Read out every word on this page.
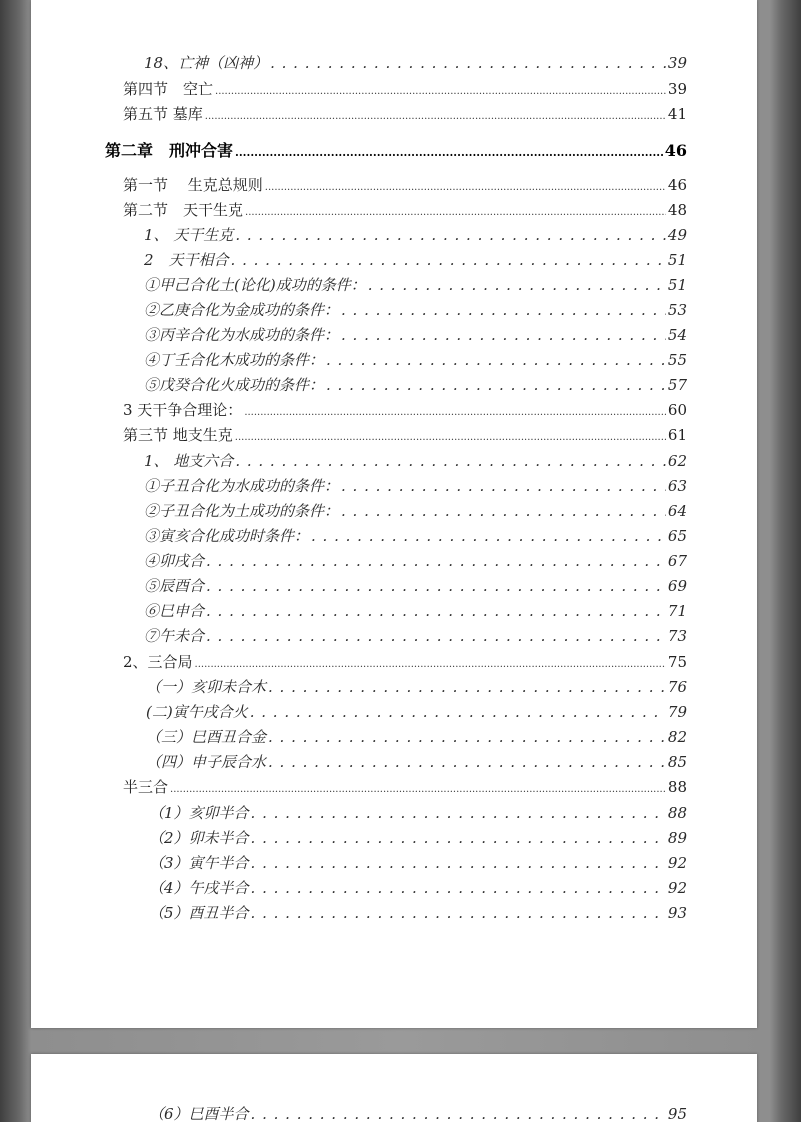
18、亡神（凶神） . . .	39
第四节　空亡 .....	39
第五节 墓库 .....	41
第二章　刑冲合害 .....	46
第一节　 生克总规则 .....	46
第二节　天干生克 .....	48
1、 天干生克 . . .	49
2　天干相合 . . .	51
①甲己合化土(论化)成功的条件： . . .	51
②乙庚合化为金成功的条件： . . .	53
③丙辛合化为水成功的条件： . . .	54
④丁壬合化木成功的条件： . . .	55
⑤戊癸合化火成功的条件： . . .	57
3 天干争合理论： .....	60
第三节 地支生克 .....	61
1、 地支六合 . . .	62
①子丑合化为水成功的条件： . . .	63
②子丑合化为土成功的条件： . . .	64
③寅亥合化成功时条件： . . .	65
④卯戌合 . . .	67
⑤辰酉合 . . .	69
⑥巳申合 . . .	71
⑦午未合 . . .	73
2、三合局 .....	75
（一）亥卯未合木 . . .	76
(二)寅午戌合火 . . .	79
（三）巳酉丑合金 . . .	82
（四）申子辰合水 . . .	85
半三合 .....	88
（1）亥卯半合 . . .	88
（2）卯未半合 . . .	89
（3）寅午半合 . . .	92
（4）午戌半合 . . .	92
（5）酉丑半合 . . .	93
（6）巳酉半合 . . .	95
